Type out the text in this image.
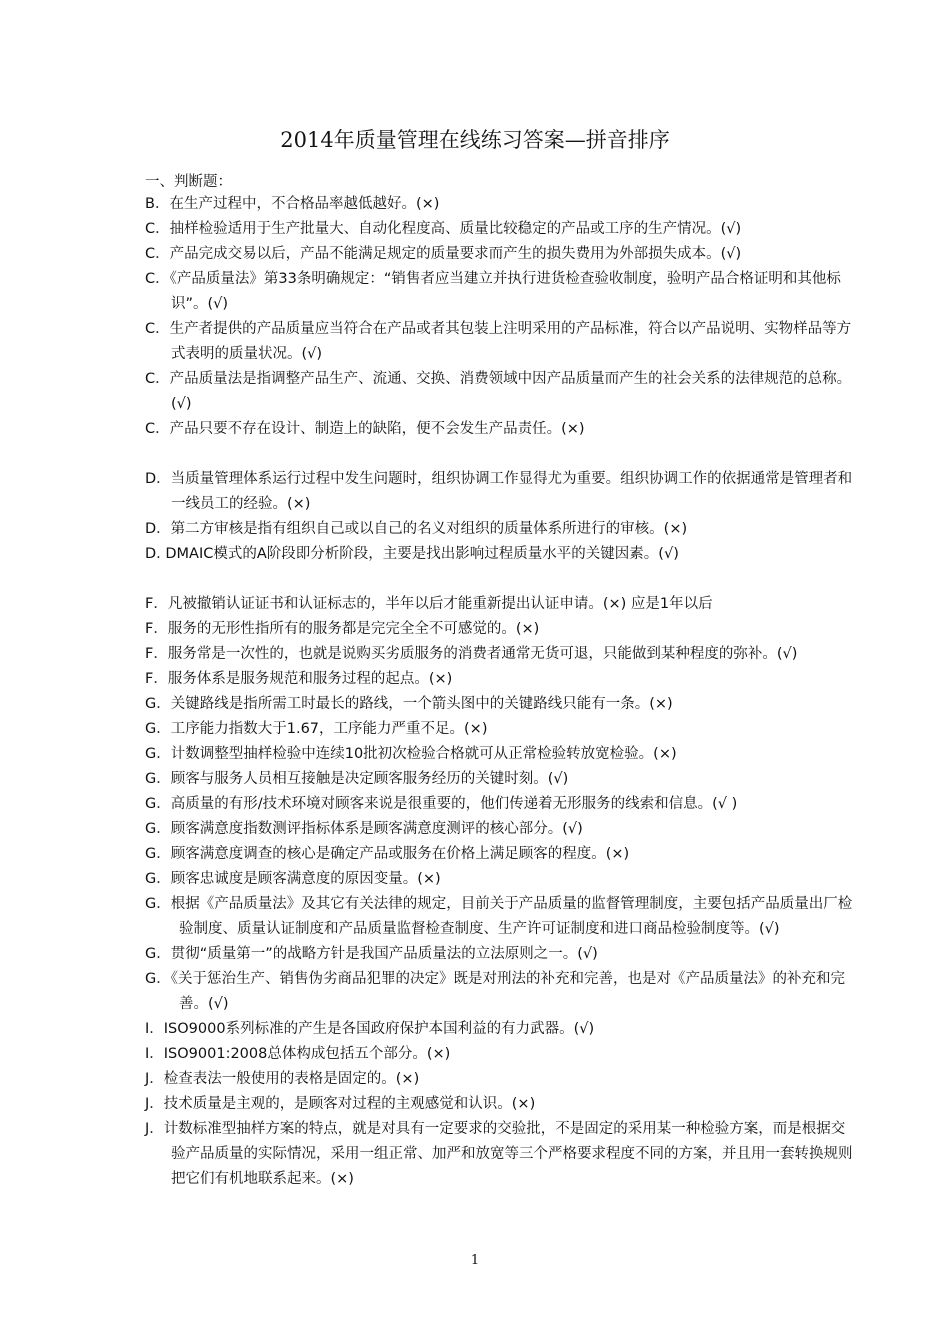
2014年质量管理在线练习答案—拼音排序
一、判断题：
B．在生产过程中，不合格品率越低越好。(×)
C．抽样检验适用于生产批量大、自动化程度高、质量比较稳定的产品或工序的生产情况。(√)
C．产品完成交易以后，产品不能满足规定的质量要求而产生的损失费用为外部损失成本。(√)
C．《产品质量法》第33条明确规定：“销售者应当建立并执行进货检查验收制度，验明产品合格证明和其他标识”。(√)
C．生产者提供的产品质量应当符合在产品或者其包装上注明采用的产品标准，符合以产品说明、实物样品等方式表明的质量状况。(√)
C．产品质量法是指调整产品生产、流通、交换、消费领域中因产品质量而产生的社会关系的法律规范的总称。(√)
C．产品只要不存在设计、制造上的缺陷，便不会发生产品责任。(×)
D．当质量管理体系运行过程中发生问题时，组织协调工作显得尤为重要。组织协调工作的依据通常是管理者和一线员工的经验。(×)
D．第二方审核是指有组织自己或以自己的名义对组织的质量体系所进行的审核。(×)
D. DMAIC模式的A阶段即分析阶段，主要是找出影响过程质量水平的关键因素。(√)
F．凡被撤销认证证书和认证标志的，半年以后才能重新提出认证申请。(×) 应是1年以后
F．服务的无形性指所有的服务都是完完全全不可感觉的。(×)
F．服务常是一次性的，也就是说购买劣质服务的消费者通常无货可退，只能做到某种程度的弥补。(√)
F．服务体系是服务规范和服务过程的起点。(×)
G．关键路线是指所需工时最长的路线，一个箭头图中的关键路线只能有一条。(×)
G．工序能力指数大于1.67，工序能力严重不足。(×)
G．计数调整型抽样检验中连续10批初次检验合格就可从正常检验转放宽检验。(×)
G．顾客与服务人员相互接触是决定顾客服务经历的关键时刻。(√)
G．高质量的有形/技术环境对顾客来说是很重要的，他们传递着无形服务的线索和信息。(√ )
G．顾客满意度指数测评指标体系是顾客满意度测评的核心部分。(√)
G．顾客满意度调查的核心是确定产品或服务在价格上满足顾客的程度。(×)
G．顾客忠诚度是顾客满意度的原因变量。(×)
G．根据《产品质量法》及其它有关法律的规定，目前关于产品质量的监督管理制度，主要包括产品质量出厂检验制度、质量认证制度和产品质量监督检查制度、生产许可证制度和进口商品检验制度等。(√)
G．贯彻“质量第一”的战略方针是我国产品质量法的立法原则之一。(√)
G．《关于惩治生产、销售伪劣商品犯罪的决定》既是对刑法的补充和完善，也是对《产品质量法》的补充和完善。(√)
I．ISO9000系列标准的产生是各国政府保护本国利益的有力武器。(√)
I．ISO9001:2008总体构成包括五个部分。(×)
J．检查表法一般使用的表格是固定的。(×)
J．技术质量是主观的，是顾客对过程的主观感觉和认识。(×)
J．计数标准型抽样方案的特点，就是对具有一定要求的交验批，不是固定的采用某一种检验方案，而是根据交验产品质量的实际情况，采用一组正常、加严和放宽等三个严格要求程度不同的方案，并且用一套转换规则把它们有机地联系起来。(×)
1
